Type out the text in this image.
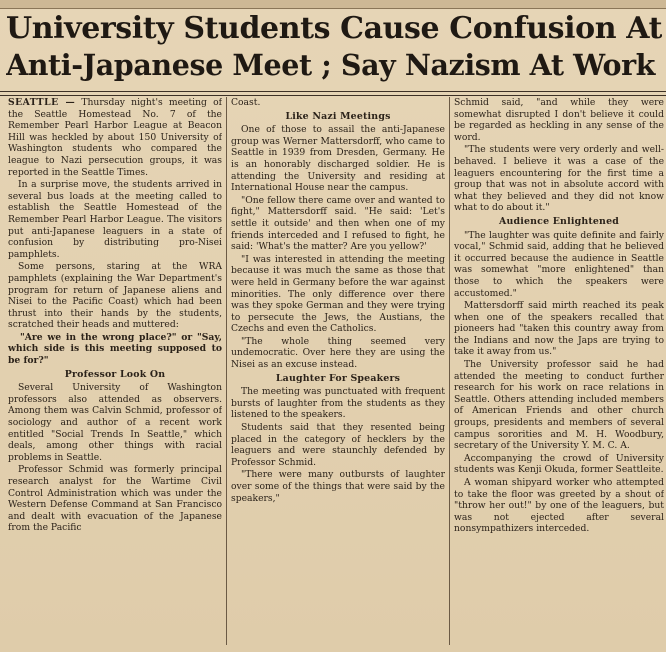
University Students Cause Confusion At
Anti-Japanese Meet ; Say Nazism At Work

SEATTLE — Thursday night's meeting of the Seattle Homestead No. 7 of the Remember Pearl Harbor League at Beacon Hill was heckled by about 150 University of Washington students who compared the league to Nazi persecution groups, it was reported in the Seattle Times.

In a surprise move, the students arrived in several bus loads at the meeting called to establish the Seattle Homestead of the Remember Pearl Harbor League. The visitors put anti-Japanese leaguers in a state of confusion by distributing pro-Nisei pamphlets.

Some persons, staring at the WRA pamphlets (explaining the War Department's program for return of Japanese aliens and Nisei to the Pacific Coast) which had been thrust into their hands by the students, scratched their heads and muttered:

"Are we in the wrong place?" or "Say, which side is this meeting supposed to be for?"

Professor Look On

Several University of Washington professors also attended as observers. Among them was Calvin Schmid, professor of sociology and author of a recent work entitled "Social Trends In Seattle," which deals, among other things with racial problems in Seattle.

Professor Schmid was formerly principal research analyst for the Wartime Civil Control Administration which was under the Western Defense Command at San Francisco and dealt with evacuation of the Japanese from the Pacific

Coast.

Like Nazi Meetings

One of those to assail the anti-Japanese group was Werner Mattersdorff, who came to Seattle in 1939 from Dresden, Germany. He is an honorably discharged soldier. He is attending the University and residing at International House near the campus.

"One fellow there came over and wanted to fight," Mattersdorff said. "He said: 'Let's settle it outside' and then when one of my friends interceded and I refused to fight, he said: 'What's the matter? Are you yellow?'

"I was interested in attending the meeting because it was much the same as those that were held in Germany before the war against minorities. The only difference over there was they spoke German and they were trying to persecute the Jews, the Austians, the Czechs and even the Catholics.

"The whole thing seemed very undemocratic. Over here they are using the Nisei as an excuse instead.

Laughter For Speakers

The meeting was punctuated with frequent bursts of laughter from the students as they listened to the speakers.

Students said that they resented being placed in the category of hecklers by the leaguers and were staunchly defended by Professor Schmid.

"There were many outbursts of laughter over some of the things that were said by the speakers,"

Schmid said, "and while they were somewhat disrupted I don't believe it could be regarded as heckling in any sense of the word.

"The students were very orderly and well-behaved. I believe it was a case of the leaguers encountering for the first time a group that was not in absolute accord with what they believed and they did not know what to do about it."

Audience Enlightened

"The laughter was quite definite and fairly vocal," Schmid said, adding that he believed it occurred because the audience in Seattle was somewhat "more enlightened" than those to which the speakers were accustomed."

Mattersdorff said mirth reached its peak when one of the speakers recalled that pioneers had "taken this country away from the Indians and now the Japs are trying to take it away from us."

The University professor said he had attended the meeting to conduct further research for his work on race relations in Seattle. Others attending included members of American Friends and other church groups, presidents and members of several campus sororities and M. H. Woodbury, secretary of the University Y. M. C. A.

Accompanying the crowd of University students was Kenji Okuda, former Seattleite.

A woman shipyard worker who attempted to take the floor was greeted by a shout of "throw her out!" by one of the leaguers, but was not ejected after several nonsympathizers interceded.
